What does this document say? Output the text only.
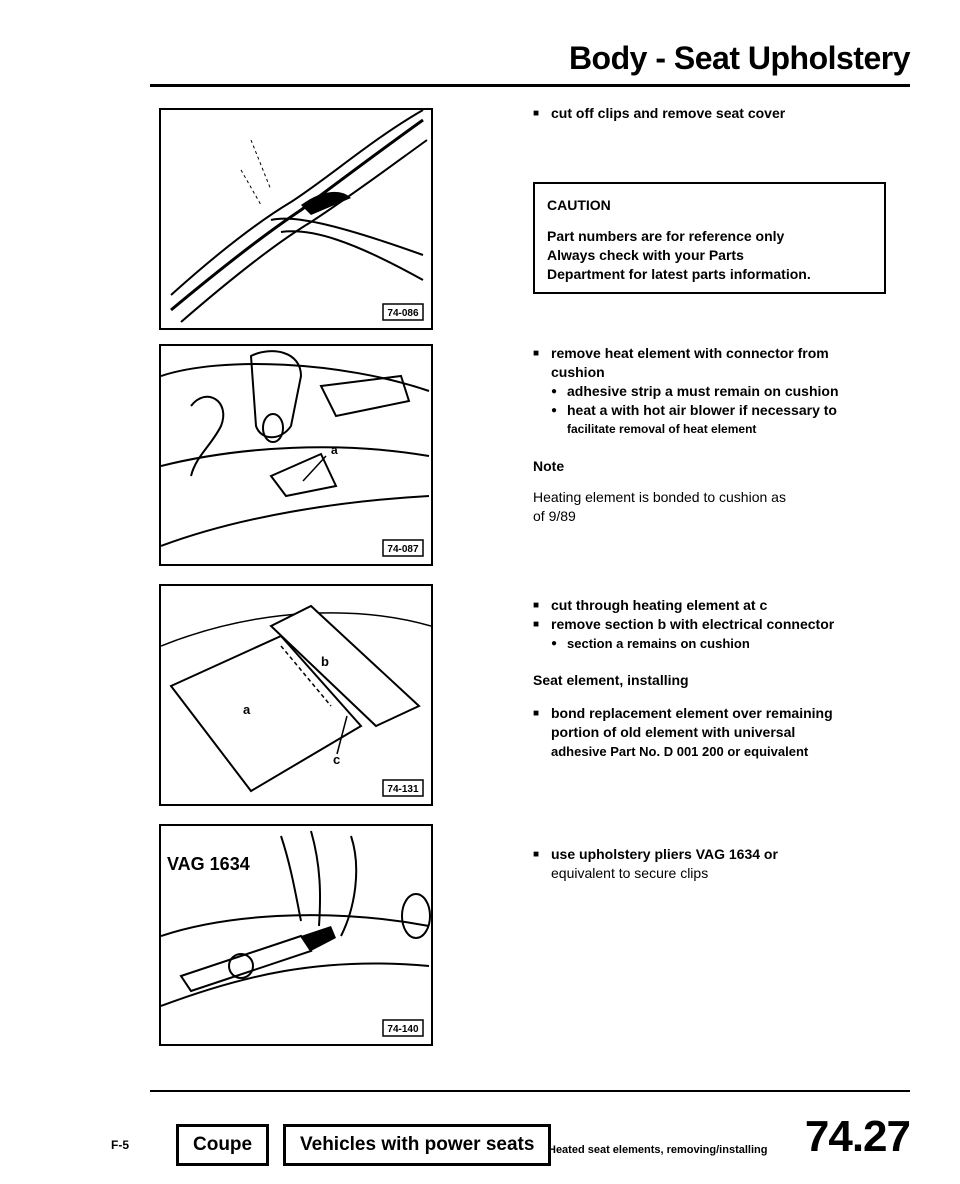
Body - Seat Upholstery
74-086
a
74-087
b
a
c
74-131
VAG 1634
74-140
■ cut off clips and remove seat cover
CAUTION
Part numbers are for reference only
Always check with your Parts
Department for latest parts information.
■ remove heat element with connector from
cushion
● adhesive strip a must remain on cushion
● heat a with hot air blower if necessary to
facilitate removal of heat element
Note
Heating element is bonded to cushion as
of 9/89
■ cut through heating element at c
■ remove section b with electrical connector
● section a remains on cushion
Seat element, installing
■ bond replacement element over remaining
portion of old element with universal
adhesive Part No. D 001 200 or equivalent
■ use upholstery pliers VAG 1634 or
equivalent to secure clips
F-5	Coupe	Vehicles with power seats	Heated seat elements, removing/installing 74.27
